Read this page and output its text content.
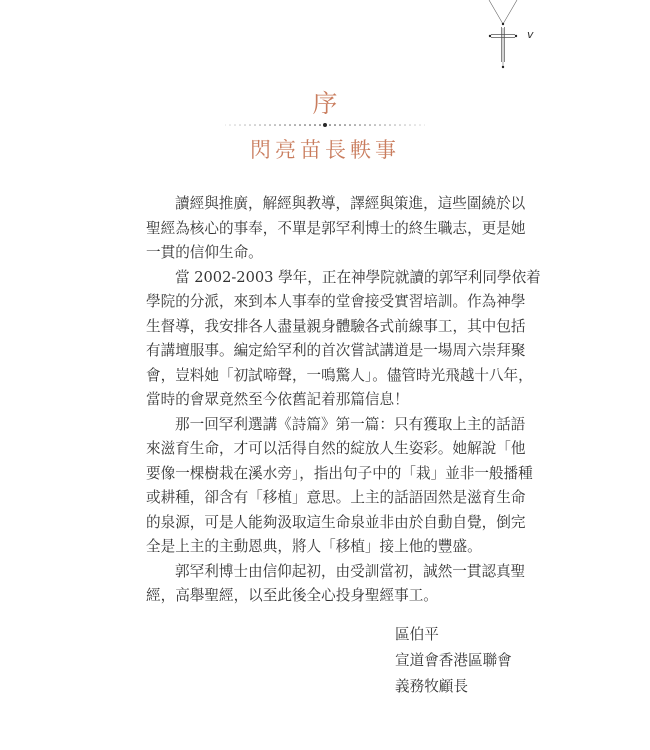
v
序
閃亮苗長軼事
讀經與推廣，解經與教導，譯經與策進，這些圍繞於以
聖經為核心的事奉，不單是郭罕利博士的終生職志，更是她
一貫的信仰生命。
當 2002-2003 學年，正在神學院就讀的郭罕利同學依着
學院的分派，來到本人事奉的堂會接受實習培訓。作為神學
生督導，我安排各人盡量親身體驗各式前線事工，其中包括
有講壇服事。編定給罕利的首次嘗試講道是一場周六崇拜聚
會，豈料她「初試啼聲，一鳴驚人」。儘管時光飛越十八年，
當時的會眾竟然至今依舊記着那篇信息！
那一回罕利選講《詩篇》第一篇：只有獲取上主的話語
來滋育生命，才可以活得自然的綻放人生姿彩。她解說「他
要像一棵樹栽在溪水旁」，指出句子中的「栽」並非一般播種
或耕種，卻含有「移植」意思。上主的話語固然是滋育生命
的泉源，可是人能夠汲取這生命泉並非由於自動自覺，倒完
全是上主的主動恩典，將人「移植」接上他的豐盛。
郭罕利博士由信仰起初，由受訓當初，誠然一貫認真聖
經，高舉聖經，以至此後全心投身聖經事工。
區伯平
宣道會香港區聯會
義務牧顧長
